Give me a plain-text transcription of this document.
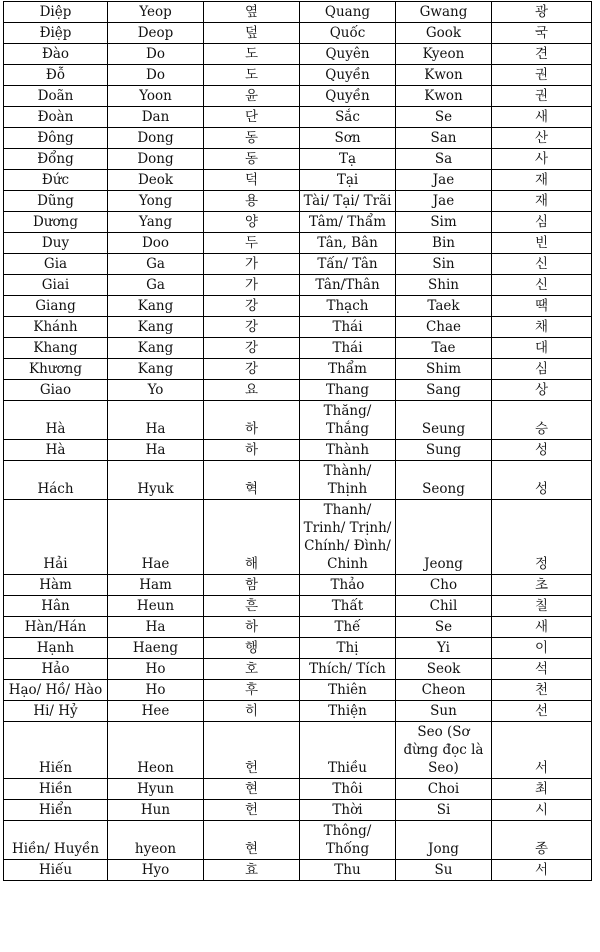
Diệp	Yeop	옆	Quang	Gwang	광
Điệp	Deop	덮	Quốc	Gook	국
Đào	Do	도	Quyên	Kyeon	견
Đỗ	Do	도	Quyền	Kwon	권
Doãn	Yoon	윤	Quyền	Kwon	권
Đoàn	Dan	단	Sắc	Se	새
Đông	Dong	동	Sơn	San	산
Đổng	Dong	동	Tạ	Sa	사
Đức	Deok	덕	Tại	Jae	재
Dũng	Yong	용	Tài/ Tại/ Trãi	Jae	재
Dương	Yang	양	Tâm/ Thẩm	Sim	심
Duy	Doo	두	Tân, Bân	Bin	빈
Gia	Ga	가	Tấn/ Tân	Sin	신
Giai	Ga	가	Tân/Thân	Shin	신
Giang	Kang	강	Thạch	Taek	땍
Khánh	Kang	강	Thái	Chae	채
Khang	Kang	강	Thái	Tae	대
Khương	Kang	강	Thẩm	Shim	심
Giao	Yo	요	Thang	Sang	상
Hà	Ha	하	Thăng/ Thắng	Seung	승
Hà	Ha	하	Thành	Sung	성
Hách	Hyuk	혁	Thành/ Thịnh	Seong	성
Hải	Hae	해	Thanh/ Trinh/ Trịnh/ Chính/ Đình/ Chinh	Jeong	정
Hàm	Ham	함	Thảo	Cho	초
Hân	Heun	흔	Thất	Chil	칠
Hàn/Hán	Ha	하	Thế	Se	새
Hạnh	Haeng	행	Thị	Yi	이
Hảo	Ho	호	Thích/ Tích	Seok	석
Hạo/ Hồ/ Hào	Ho	후	Thiên	Cheon	천
Hi/ Hỷ	Hee	히	Thiện	Sun	선
Hiến	Heon	헌	Thiều	Seo (Sơ đừng đọc là Seo)	서
Hiền	Hyun	현	Thôi	Choi	최
Hiển	Hun	헌	Thời	Si	시
Hiền/ Huyền	hyeon	현	Thông/ Thống	Jong	종
Hiếu	Hyo	효	Thu	Su	서
